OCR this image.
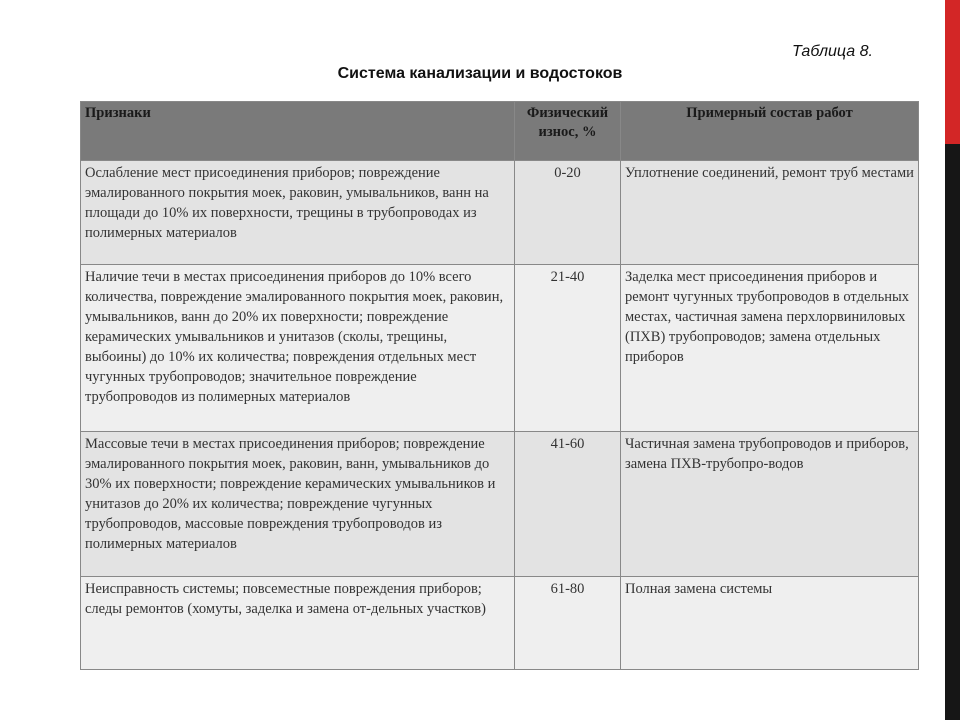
Таблица 8.
Система канализации и водостоков
Признаки	Физический износ, %	Примерный состав работ
Ослабление мест присоединения приборов; повреждение эмалированного покрытия моек, раковин, умывальников, ванн на площади до 10% их поверхности, трещины в трубопроводах из полимерных материалов	0-20	Уплотнение соединений, ремонт труб местами
Наличие течи в местах присоединения приборов до 10% всего количества, повреждение эмалированного покрытия моек, раковин, умывальников, ванн до 20% их поверхности; повреждение керамических умывальников и унитазов (сколы, трещины, выбоины) до 10% их количества; повреждения отдельных мест чугунных трубопроводов; значительное повреждение трубопроводов из полимерных материалов	21-40	Заделка мест присоединения приборов и ремонт чугунных трубопроводов в отдельных местах, частичная замена перхлорвиниловых (ПХВ) трубопроводов; замена отдельных приборов
Массовые течи в местах присоединения приборов; повреждение эмалированного покрытия моек, раковин, ванн, умывальников до 30% их поверхности; повреждение керамических умывальников и унитазов до 20% их количества; повреждение чугунных трубопроводов, массовые повреждения трубопроводов из полимерных материалов	41-60	Частичная замена трубопроводов и приборов, замена ПХВ-трубопро-водов
Неисправность системы; повсеместные повреждения приборов; следы ремонтов (хомуты, заделка и замена от-дельных участков)	61-80	Полная замена системы
